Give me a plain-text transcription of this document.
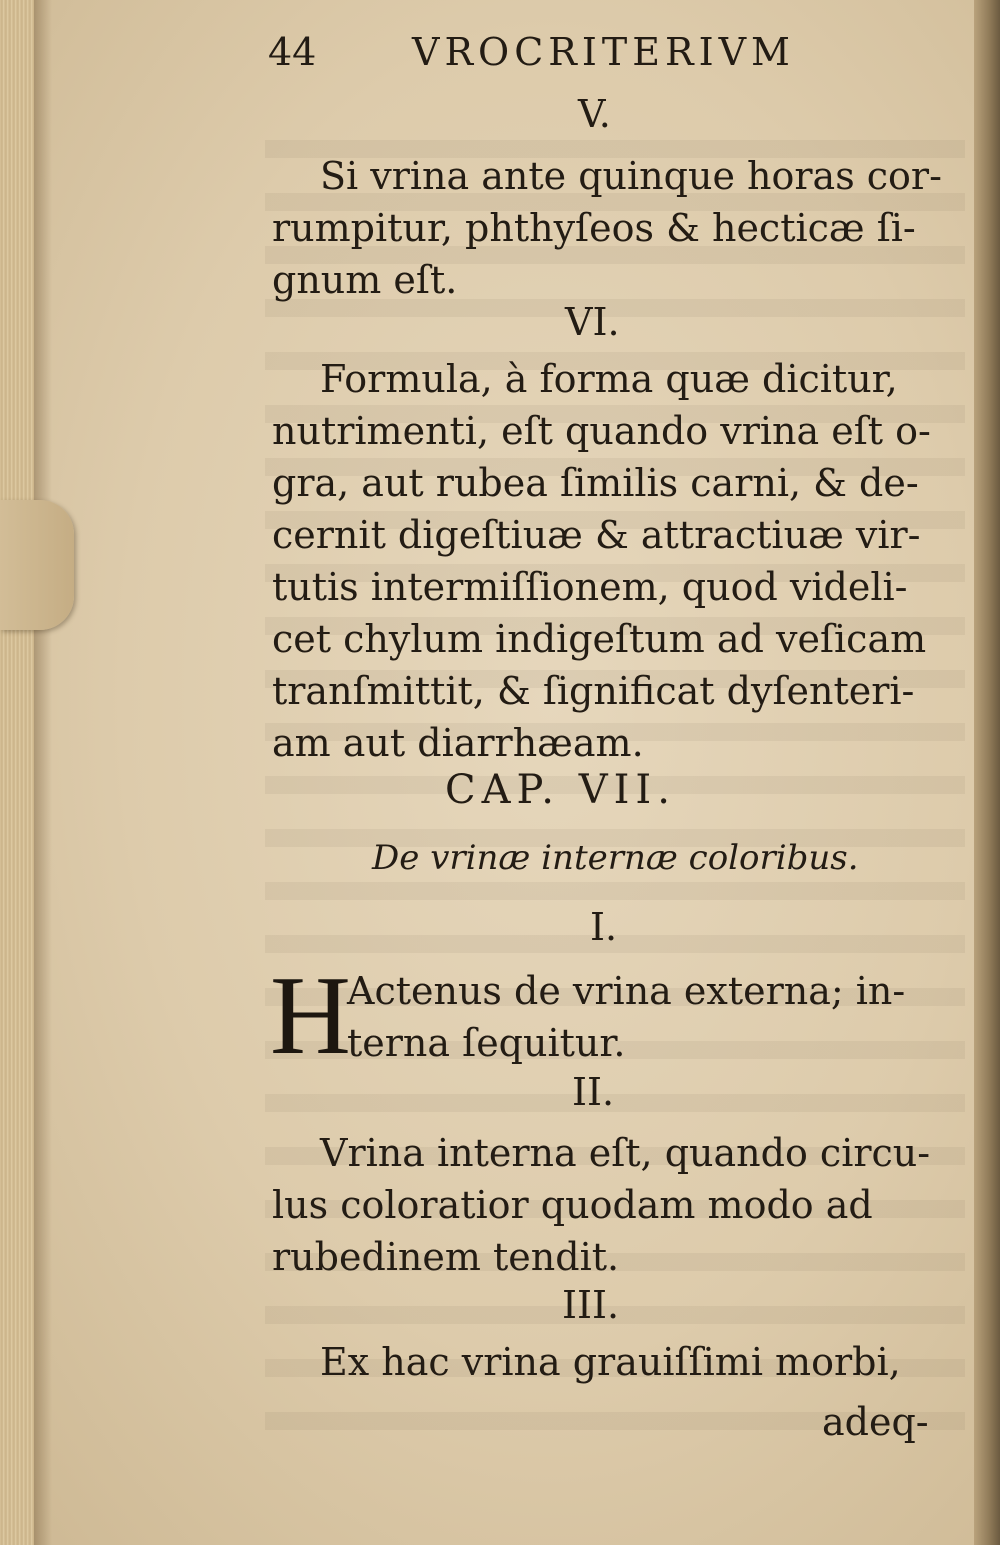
44	VROCRITERIVM
V.
Si vrina ante quinque horas cor-
rumpitur, phthyſeos & hecticæ ſi-
gnum eſt.
VI.
Formula, à forma quæ dicitur,
nutrimenti, eſt quando vrina eſt o-
gra, aut rubea ſimilis carni, & de-
cernit digeſtiuæ & attractiuæ vir-
tutis intermiſſionem, quod videli-
cet chylum indigeſtum ad veſicam
tranſmittit, & ſignificat dyſenteri-
am aut diarrhæam.
CAP. VII.
De vrinæ internæ coloribus.
I.
H
Actenus de vrina externa; in-
terna ſequitur.
II.
Vrina interna eſt, quando circu-
lus coloratior quodam modo ad
rubedinem tendit.
III.
Ex hac vrina grauiſſimi morbi,
adeq-
